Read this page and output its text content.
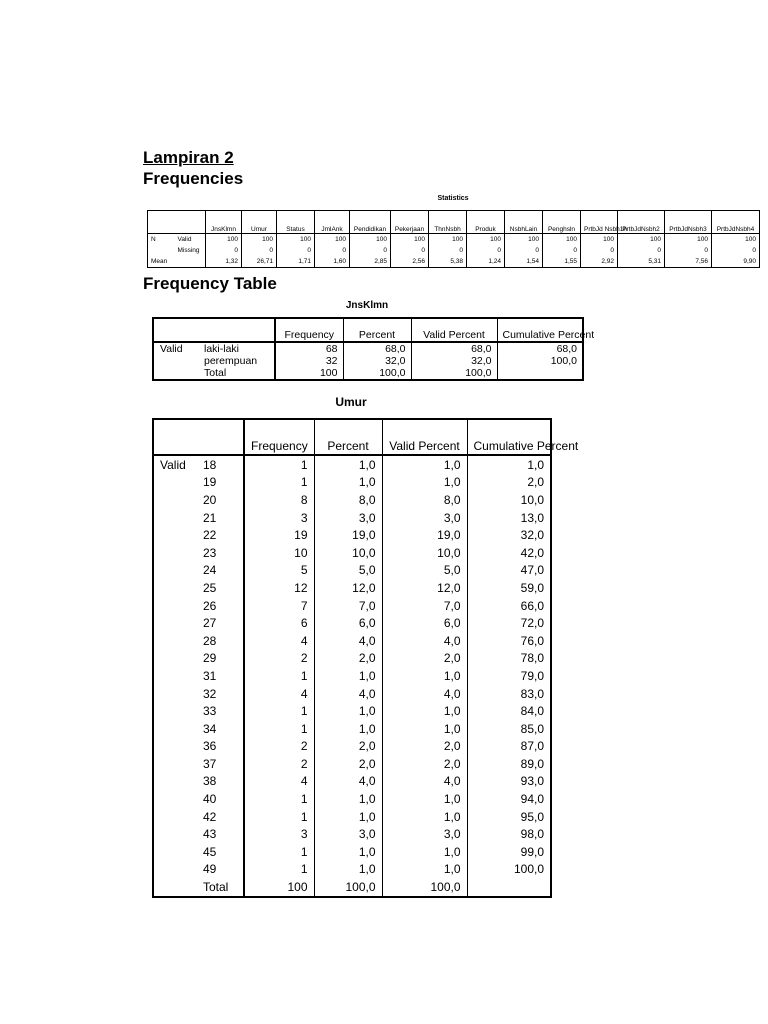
Lampiran 2
Frequencies
Statistics
		JnsKlmn	Umur	Status	JmlAnk	Pendidikan	Pekerjaan	ThnNsbh	Produk	NsbhLain	Penghsln	PrtbJd Nsbh1h	PrtbJdNsbh2	PrtbJdNsbh3	PrtbJdNsbh4
N	Valid	100	100	100	100	100	100	100	100	100	100	100	100	100	100
	Missing	0	0	0	0	0	0	0	0	0	0	0	0	0	0
Mean		1,32	26,71	1,71	1,60	2,85	2,56	5,38	1,24	1,54	1,55	2,92	5,31	7,56	9,90
Frequency Table
JnsKlmn
		Frequency	Percent	Valid Percent	Cumulative Percent
Valid	laki-laki	68	68,0	68,0	68,0
	perempuan	32	32,0	32,0	100,0
	Total	100	100,0	100,0	
Umur
		Frequency	Percent	Valid Percent	Cumulative Percent
Valid	18	1	1,0	1,0	1,0
	19	1	1,0	1,0	2,0
	20	8	8,0	8,0	10,0
	21	3	3,0	3,0	13,0
	22	19	19,0	19,0	32,0
	23	10	10,0	10,0	42,0
	24	5	5,0	5,0	47,0
	25	12	12,0	12,0	59,0
	26	7	7,0	7,0	66,0
	27	6	6,0	6,0	72,0
	28	4	4,0	4,0	76,0
	29	2	2,0	2,0	78,0
	31	1	1,0	1,0	79,0
	32	4	4,0	4,0	83,0
	33	1	1,0	1,0	84,0
	34	1	1,0	1,0	85,0
	36	2	2,0	2,0	87,0
	37	2	2,0	2,0	89,0
	38	4	4,0	4,0	93,0
	40	1	1,0	1,0	94,0
	42	1	1,0	1,0	95,0
	43	3	3,0	3,0	98,0
	45	1	1,0	1,0	99,0
	49	1	1,0	1,0	100,0
	Total	100	100,0	100,0	
